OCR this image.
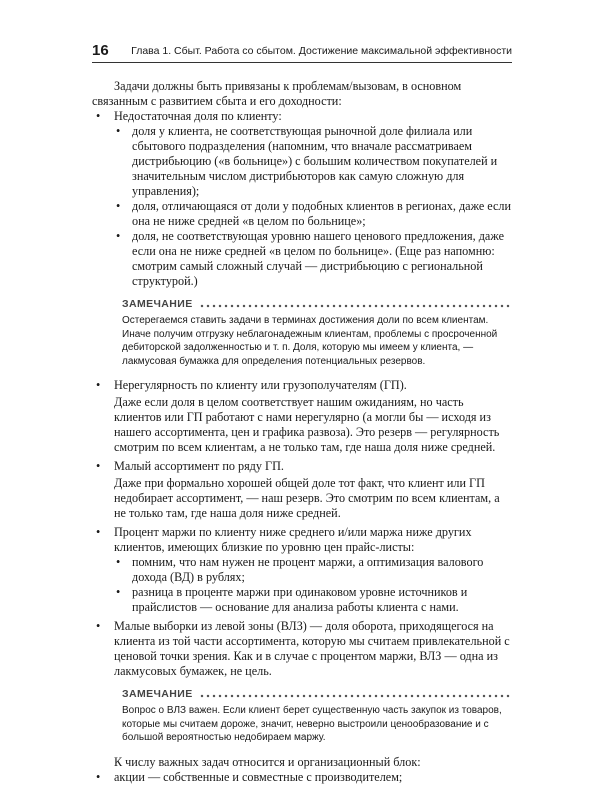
16 Глава 1. Сбыт. Работа со сбытом. Достижение максимальной эффективности

Задачи должны быть привязаны к проблемам/вызовам, в основном связанным с развитием сбыта и его доходности:

• Недостаточная доля по клиенту:
• доля у клиента, не соответствующая рыночной доле филиала или сбытового подразделения (напомним, что вначале рассматриваем дистрибьюцию («в больнице») с большим количеством покупателей и значительным числом дистрибьюторов как самую сложную для управления);
• доля, отличающаяся от доли у подобных клиентов в регионах, даже если она не ниже средней «в целом по больнице»;
• доля, не соответствующая уровню нашего ценового предложения, даже если она не ниже средней «в целом по больнице». (Еще раз напомню: смотрим самый сложный случай — дистрибьюцию с региональной структурой.)
ЗАМЕЧАНИЕ
Остерегаемся ставить задачи в терминах достижения доли по всем клиентам. Иначе получим отгрузку неблагонадежным клиентам, проблемы с просроченной дебиторской задолженностью и т. п. Доля, которую мы имеем у клиента, — лакмусовая бумажка для определения потенциальных резервов.
• Нерегулярность по клиенту или грузополучателям (ГП).
Даже если доля в целом соответствует нашим ожиданиям, но часть клиентов или ГП работают с нами нерегулярно (а могли бы — исходя из нашего ассортимента, цен и графика развоза). Это резерв — регулярность смотрим по всем клиентам, а не только там, где наша доля ниже средней.
• Малый ассортимент по ряду ГП.
Даже при формально хорошей общей доле тот факт, что клиент или ГП недобирает ассортимент, — наш резерв. Это смотрим по всем клиентам, а не только там, где наша доля ниже средней.
• Процент маржи по клиенту ниже среднего и/или маржа ниже других клиентов, имеющих близкие по уровню цен прайс-листы:
• помним, что нам нужен не процент маржи, а оптимизация валового дохода (ВД) в рублях;
• разница в проценте маржи при одинаковом уровне источников и прайслистов — основание для анализа работы клиента с нами.
• Малые выборки из левой зоны (ВЛЗ) — доля оборота, приходящегося на клиента из той части ассортимента, которую мы считаем привлекательной с ценовой точки зрения. Как и в случае с процентом маржи, ВЛЗ — одна из лакмусовых бумажек, не цель.
ЗАМЕЧАНИЕ
Вопрос о ВЛЗ важен. Если клиент берет существенную часть закупок из товаров, которые мы считаем дороже, значит, неверно выстроили ценообразование и с большой вероятностью недобираем маржу.

К числу важных задач относится и организационный блок:

• акции — собственные и совместные с производителем;
